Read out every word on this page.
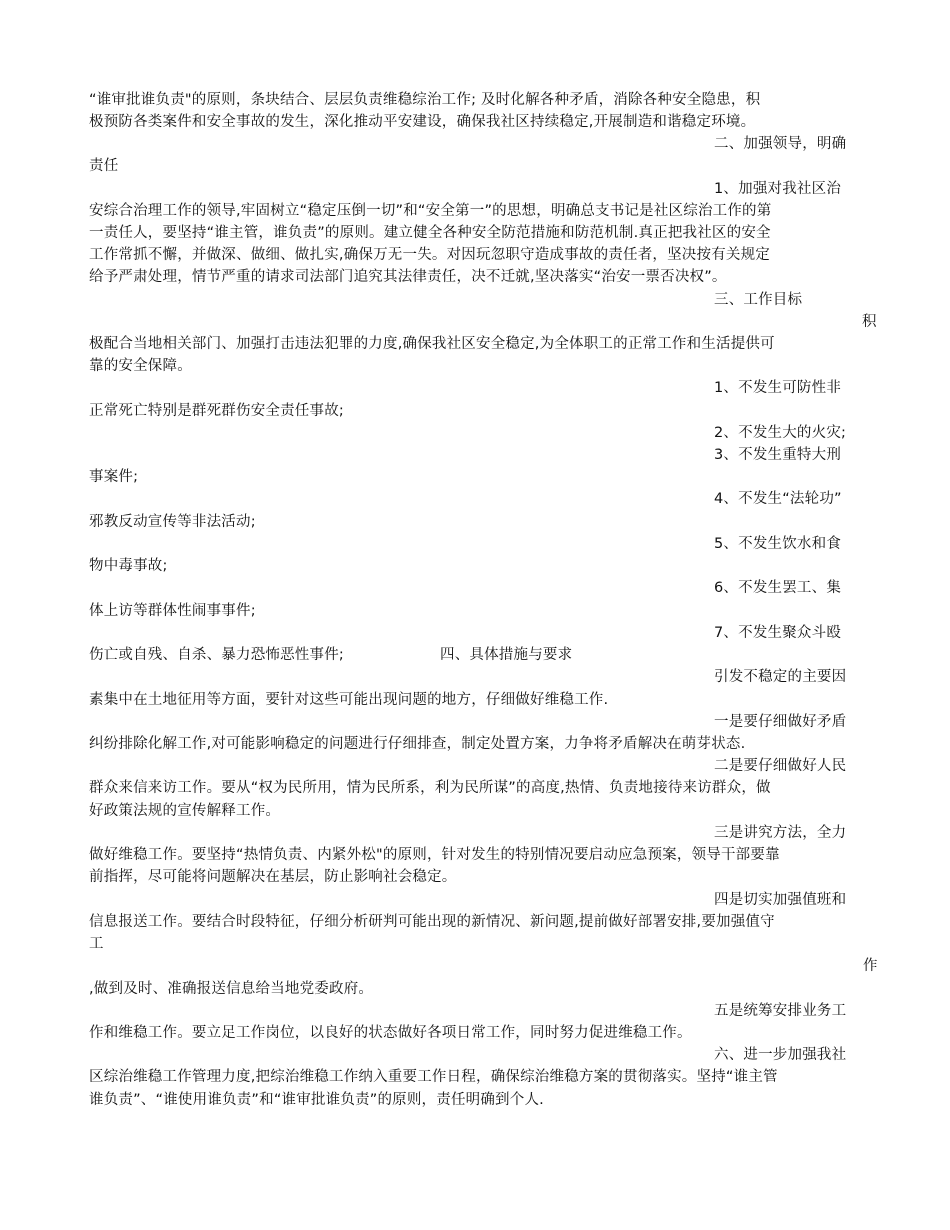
“谁审批谁负责"的原则，条块结合、层层负责维稳综治工作; 及时化解各种矛盾，消除各种安全隐患，积
极预防各类案件和安全事故的发生，深化推动平安建设，确保我社区持续稳定,开展制造和谐稳定环境。
二、加强领导，明确
责任
1、加强对我社区治
安综合治理工作的领导,牢固树立“稳定压倒一切”和“安全第一”的思想，明确总支书记是社区综治工作的第
一责任人，要坚持“谁主管，谁负责”的原则。建立健全各种安全防范措施和防范机制.真正把我社区的安全
工作常抓不懈，并做深、做细、做扎实,确保万无一失。对因玩忽职守造成事故的责任者，坚决按有关规定
给予严肃处理，情节严重的请求司法部门追究其法律责任，决不迁就,坚决落实“治安一票否决权”。
三、工作目标
积
极配合当地相关部门、加强打击违法犯罪的力度,确保我社区安全稳定,为全体职工的正常工作和生活提供可
靠的安全保障。
1、不发生可防性非
正常死亡特别是群死群伤安全责任事故;
2、不发生大的火灾;
3、不发生重特大刑
事案件;
4、不发生“法轮功”
邪教反动宣传等非法活动;
5、不发生饮水和食
物中毒事故;
6、不发生罢工、集
体上访等群体性闹事事件;
7、不发生聚众斗殴
伤亡或自残、自杀、暴力恐怖恶性事件;	四、具体措施与要求
引发不稳定的主要因
素集中在土地征用等方面，要针对这些可能出现问题的地方，仔细做好维稳工作.
一是要仔细做好矛盾
纠纷排除化解工作,对可能影响稳定的问题进行仔细排查，制定处置方案，力争将矛盾解决在萌芽状态.
二是要仔细做好人民
群众来信来访工作。要从“权为民所用，情为民所系，利为民所谋”的高度,热情、负责地接待来访群众，做
好政策法规的宣传解释工作。
三是讲究方法，全力
做好维稳工作。要坚持“热情负责、内紧外松"的原则，针对发生的特别情况要启动应急预案，领导干部要靠
前指挥，尽可能将问题解决在基层，防止影响社会稳定。
四是切实加强值班和
信息报送工作。要结合时段特征，仔细分析研判可能出现的新情况、新问题,提前做好部署安排,要加强值守
工
作
,做到及时、准确报送信息给当地党委政府。
五是统筹安排业务工
作和维稳工作。要立足工作岗位，以良好的状态做好各项日常工作，同时努力促进维稳工作。
六、进一步加强我社
区综治维稳工作管理力度,把综治维稳工作纳入重要工作日程，确保综治维稳方案的贯彻落实。坚持“谁主管
谁负责”、“谁使用谁负责”和“谁审批谁负责”的原则，责任明确到个人.
